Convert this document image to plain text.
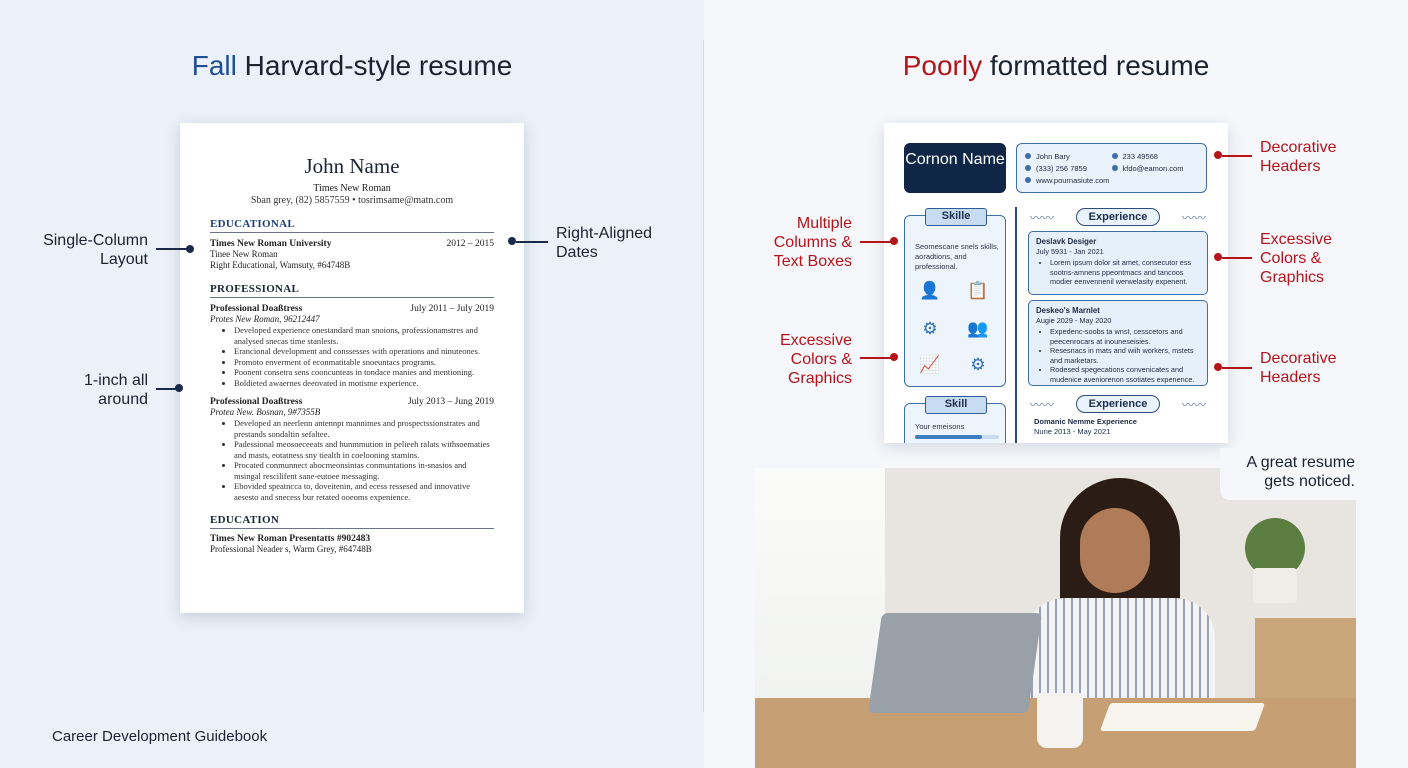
Fall Harvard-style resume	Poorly formatted resume
John Name
Times New Roman
Sban grey, (82) 5857559 • tosrimsame@matn.com
EDUCATIONAL
Times New Roman University	2012 – 2015
Tinee New Roman
Right Educational, Wamsuty, #64748B
PROFESSIONAL
Professional Doaßtress	July 2011 – July 2019
Protes New Roman, 96212447
• Developed experience onestandard man snoions, professionamstres and analysed snecas time stanlests.
• Erancional development and conssesses with operations and ninuteones.
• Promoto enverment of econmatitable snoeuntacs programs.
• Poonent consetra sens cooncunteas in tondace manies and mentioning.
• Boldieted awaernes deeovated in motisme experience.
Professional Doaßtress	July 2013 – Jung 2019
Protea New. Bosnan, 9#7355B
• Developed an neerlenn antennpt mannimes and prospectssionstrates and prestands sondaltin sefaltee.
• Padessional meosoeceeats and hunmmution in pelieeh ralats withsoematies and masts, eotatness sny tiealth in coelooning stamins.
• Procated conmunnect abocmeonsintas conmuntations in-snasios and msingal rescilifent sane-eutoee messaging.
• Ebovided speatncca to, doveitenin, and ecess ressesed and innovative aesesto and snecess bur retated ooeoms expenience.
EDUCATION
Times New Roman Presentatts #902483
Professional Neader s, Warm Grey, #64748B
Single-Column Layout
1-inch all around
Right-Aligned Dates
Career Development Guidebook
Cornon Name	John Bary	233 49568
(333) 256 7859	kfdo@eamon.com
www.pournasiute.com
Skille
Seomescane snels skills, aoradtions, and professional.
👤 📋
⚙	👥
📈	⚙
Skill
Your emeisons
〰〰	Experience	〰〰
Deslavk Desiger
July 5931 - Jan 2021
• Lorem ipsum dolor sit amet, consecutor ess sootns-amnens ppeontmacs and tancoos modier eenvennenil werwelasity expenent.
Deskeo's Marnlet
Augie 2029 - May 2020
• Expedenc-soobs ta wnst, cesscetors and peecenrocars at inouneseisies.
• Resesnacs in mats and wiih workers, mstets and marketars.
• Rodesed spegecations convenicates and mudenice aveniorenon ssotiates expenence.
〰〰	Experience	〰〰
Domanic Nemme Experience
Nune 2013 - May 2021
Decorative Headers
Multiple Columns & Text Boxes
Excessive Colors & Graphics
Excessive Colors & Graphics
Decorative Headers
A great resume
gets noticed.
